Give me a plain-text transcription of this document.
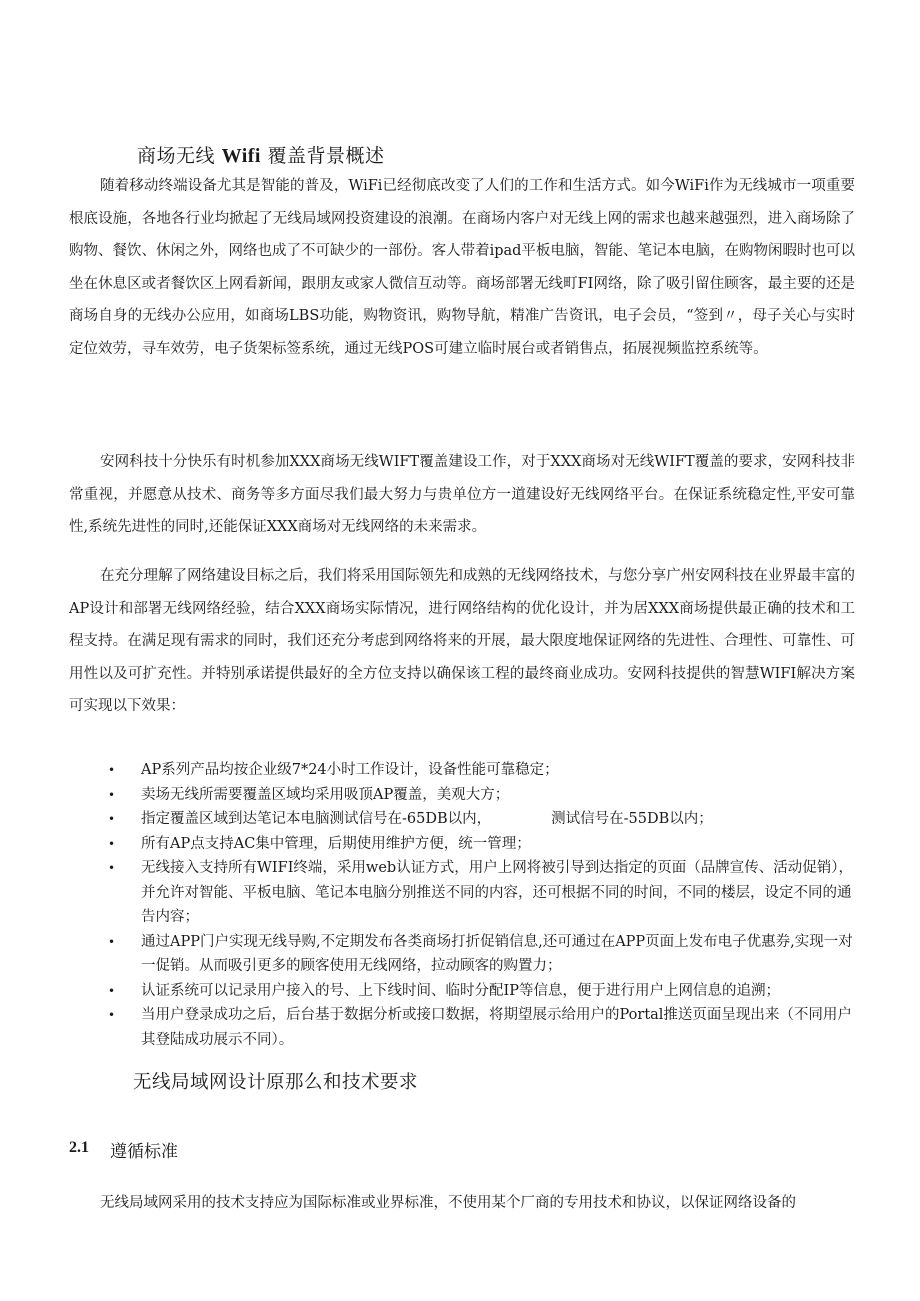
商场无线 Wifi 覆盖背景概述

随着移动终端设备尤其是智能的普及，WiFi已经彻底改变了人们的工作和生活方式。如今WiFi作为无线城市一项重要根底设施，各地各行业均掀起了无线局域网投资建设的浪潮。在商场内客户对无线上网的需求也越来越强烈，进入商场除了购物、餐饮、休闲之外，网络也成了不可缺少的一部份。客人带着ipad平板电脑，智能、笔记本电脑，在购物闲暇时也可以坐在休息区或者餐饮区上网看新闻，跟朋友或家人微信互动等。商场部署无线町FI网络，除了吸引留住顾客，最主要的还是商场自身的无线办公应用，如商场LBS功能，购物资讯，购物导航，精准广告资讯，电子会员，“签到〃，母子关心与实时定位效劳，寻车效劳，电子货架标签系统，通过无线POS可建立临时展台或者销售点，拓展视频监控系统等。

安网科技十分快乐有时机参加XXX商场无线WIFT覆盖建设工作，对于XXX商场对无线WIFT覆盖的要求，安网科技非常重视，并愿意从技术、商务等多方面尽我们最大努力与贵单位方一道建设好无线网络平台。在保证系统稳定性,平安可靠性,系统先进性的同时,还能保证XXX商场对无线网络的未来需求。

在充分理解了网络建设目标之后，我们将采用国际领先和成熟的无线网络技术，与您分享广州安网科技在业界最丰富的AP设计和部署无线网络经验，结合XXX商场实际情况，进行网络结构的优化设计，并为居XXX商场提供最正确的技术和工程支持。在满足现有需求的同时，我们还充分考虑到网络将来的开展，最大限度地保证网络的先进性、合理性、可靠性、可用性以及可扩充性。并特别承诺提供最好的全方位支持以确保该工程的最终商业成功。安网科技提供的智慧WIFI解决方案可实现以下效果：

• AP系列产品均按企业级7*24小时工作设计，设备性能可靠稳定；
• 卖场无线所需要覆盖区域均采用吸顶AP覆盖，美观大方；
• 指定覆盖区域到达笔记本电脑测试信号在-65DB以内，	测试信号在-55DB以内；
• 所有AP点支持AC集中管理，后期使用维护方便，统一管理；
• 无线接入支持所有WIFI终端，采用web认证方式，用户上网将被引导到达指定的页面（品牌宣传、活动促销），并允许对智能、平板电脑、笔记本电脑分别推送不同的内容，还可根据不同的时间，不同的楼层，设定不同的通告内容；
• 通过APP门户实现无线导购,不定期发布各类商场打折促销信息,还可通过在APP页面上发布电子优惠券,实现一对一促销。从而吸引更多的顾客使用无线网络，拉动顾客的购置力；
• 认证系统可以记录用户接入的号、上下线时间、临时分配IP等信息，便于进行用户上网信息的追溯；
• 当用户登录成功之后，后台基于数据分析或接口数据，将期望展示给用户的Portal推送页面呈现出来（不同用户其登陆成功展示不同）。
无线局域网设计原那么和技术要求
2.1 遵循标准

无线局域网采用的技术支持应为国际标准或业界标准，不使用某个厂商的专用技术和协议，以保证网络设备的
